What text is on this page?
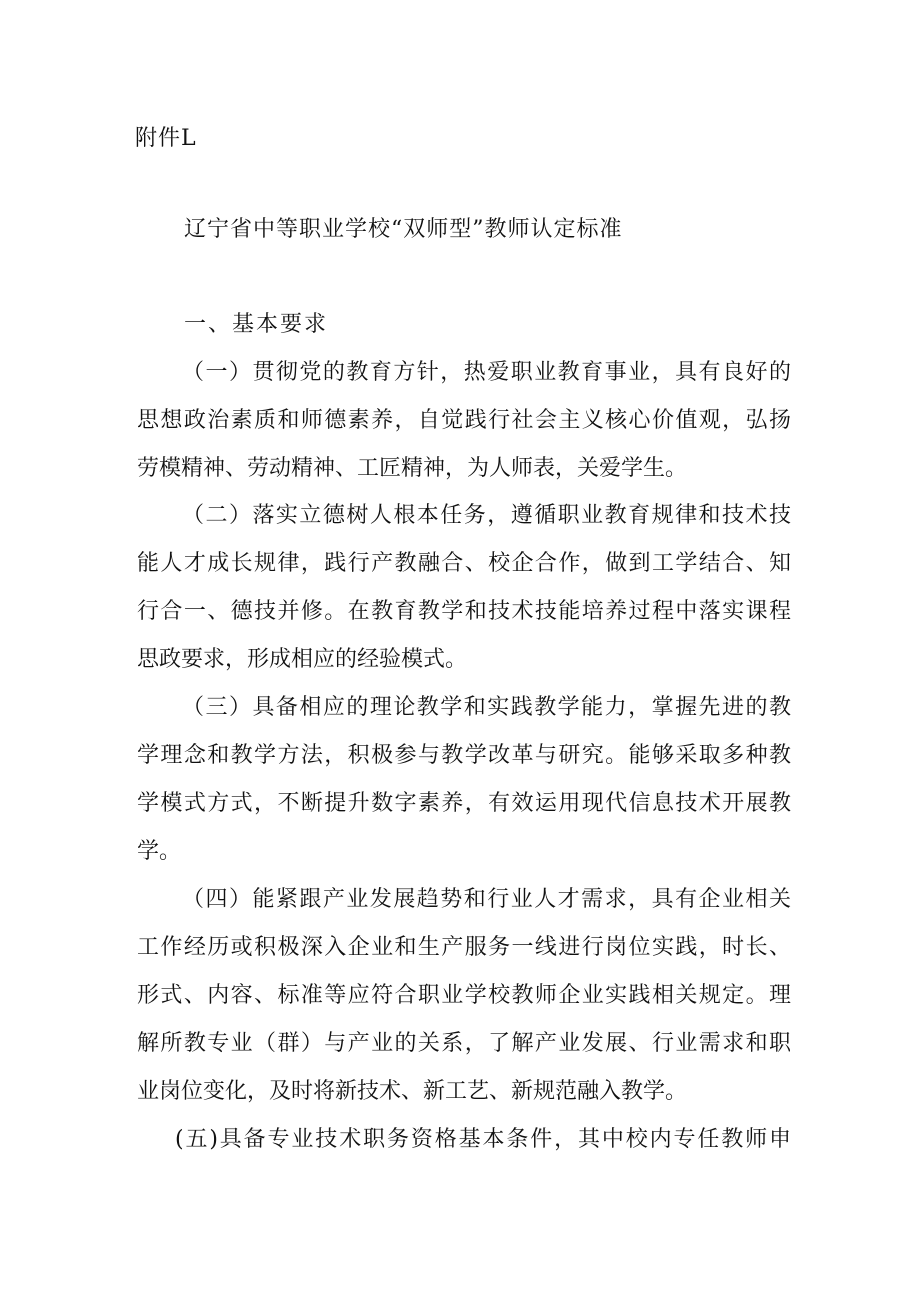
附件L
辽宁省中等职业学校“双师型”教师认定标准
一、基本要求
（一）贯彻党的教育方针，热爱职业教育事业，具有良好的
思想政治素质和师德素养，自觉践行社会主义核心价值观，弘扬
劳模精神、劳动精神、工匠精神，为人师表，关爱学生。
（二）落实立德树人根本任务，遵循职业教育规律和技术技
能人才成长规律，践行产教融合、校企合作，做到工学结合、知
行合一、德技并修。在教育教学和技术技能培养过程中落实课程
思政要求，形成相应的经验模式。
（三）具备相应的理论教学和实践教学能力，掌握先进的教
学理念和教学方法，积极参与教学改革与研究。能够采取多种教
学模式方式，不断提升数字素养，有效运用现代信息技术开展教
学。
（四）能紧跟产业发展趋势和行业人才需求，具有企业相关
工作经历或积极深入企业和生产服务一线进行岗位实践，时长、
形式、内容、标准等应符合职业学校教师企业实践相关规定。理
解所教专业（群）与产业的关系，了解产业发展、行业需求和职
业岗位变化，及时将新技术、新工艺、新规范融入教学。
(五)具备专业技术职务资格基本条件，其中校内专任教师申
